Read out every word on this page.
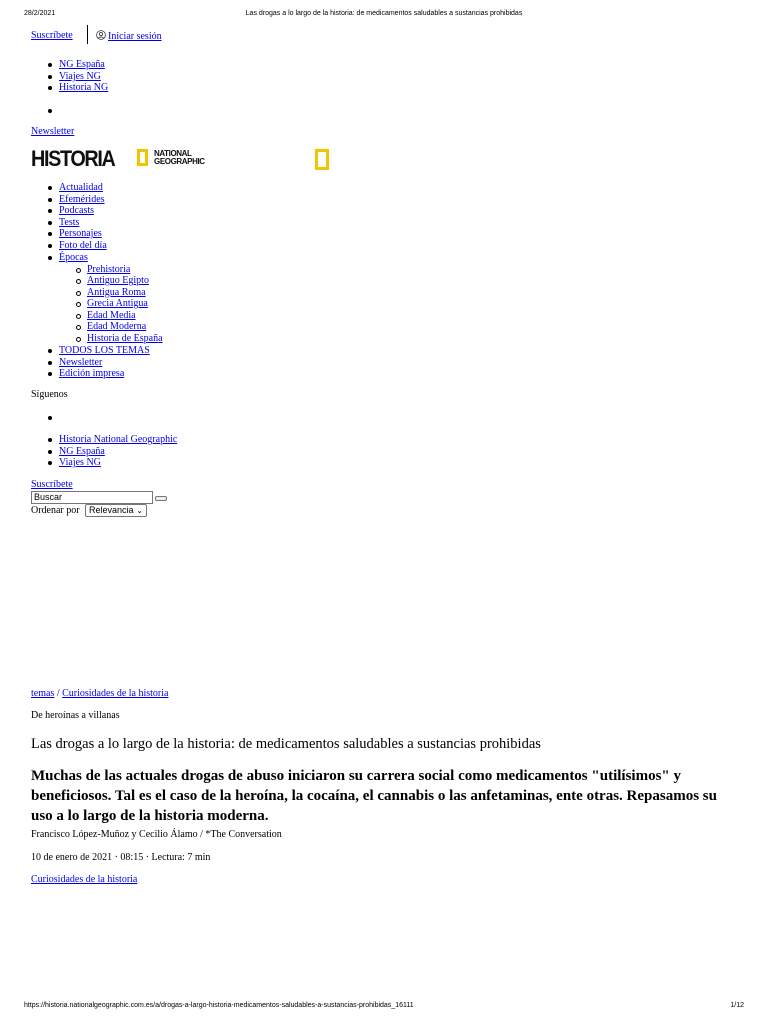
28/2/2021	Las drogas a lo largo de la historia: de medicamentos saludables a sustancias prohibidas
Suscríbete	Iniciar sesión
NG España
Viajes NG
Historia NG
Newsletter
HISTORIA	NATIONAL
GEOGRAPHIC
Actualidad
Efemérides
Podcasts
Tests
Personajes
Foto del día
Épocas
Prehistoria
Antiguo Egipto
Antigua Roma
Grecia Antigua
Edad Media
Edad Moderna
Historia de España
TODOS LOS TEMAS
Newsletter
Edición impresa
Síguenos
Historia National Geographic
NG España
Viajes NG
Suscríbete
Buscar
Ordenar por	Relevancia ⌄
temas / Curiosidades de la historia
De heroínas a villanas
Las drogas a lo largo de la historia: de medicamentos saludables a sustancias prohibidas
Muchas de las actuales drogas de abuso iniciaron su carrera social como medicamentos "utilísimos" y beneficiosos. Tal es el caso de la heroína, la cocaína, el cannabis o las anfetaminas, ente otras. Repasamos su uso a lo largo de la historia moderna.
Francisco López-Muñoz y Cecilio Álamo / *The Conversation
10 de enero de 2021 · 08:15 · Lectura: 7 min
Curiosidades de la historia
https://historia.nationalgeographic.com.es/a/drogas-a-largo-historia-medicamentos-saludables-a-sustancias-prohibidas_16111	1/12
